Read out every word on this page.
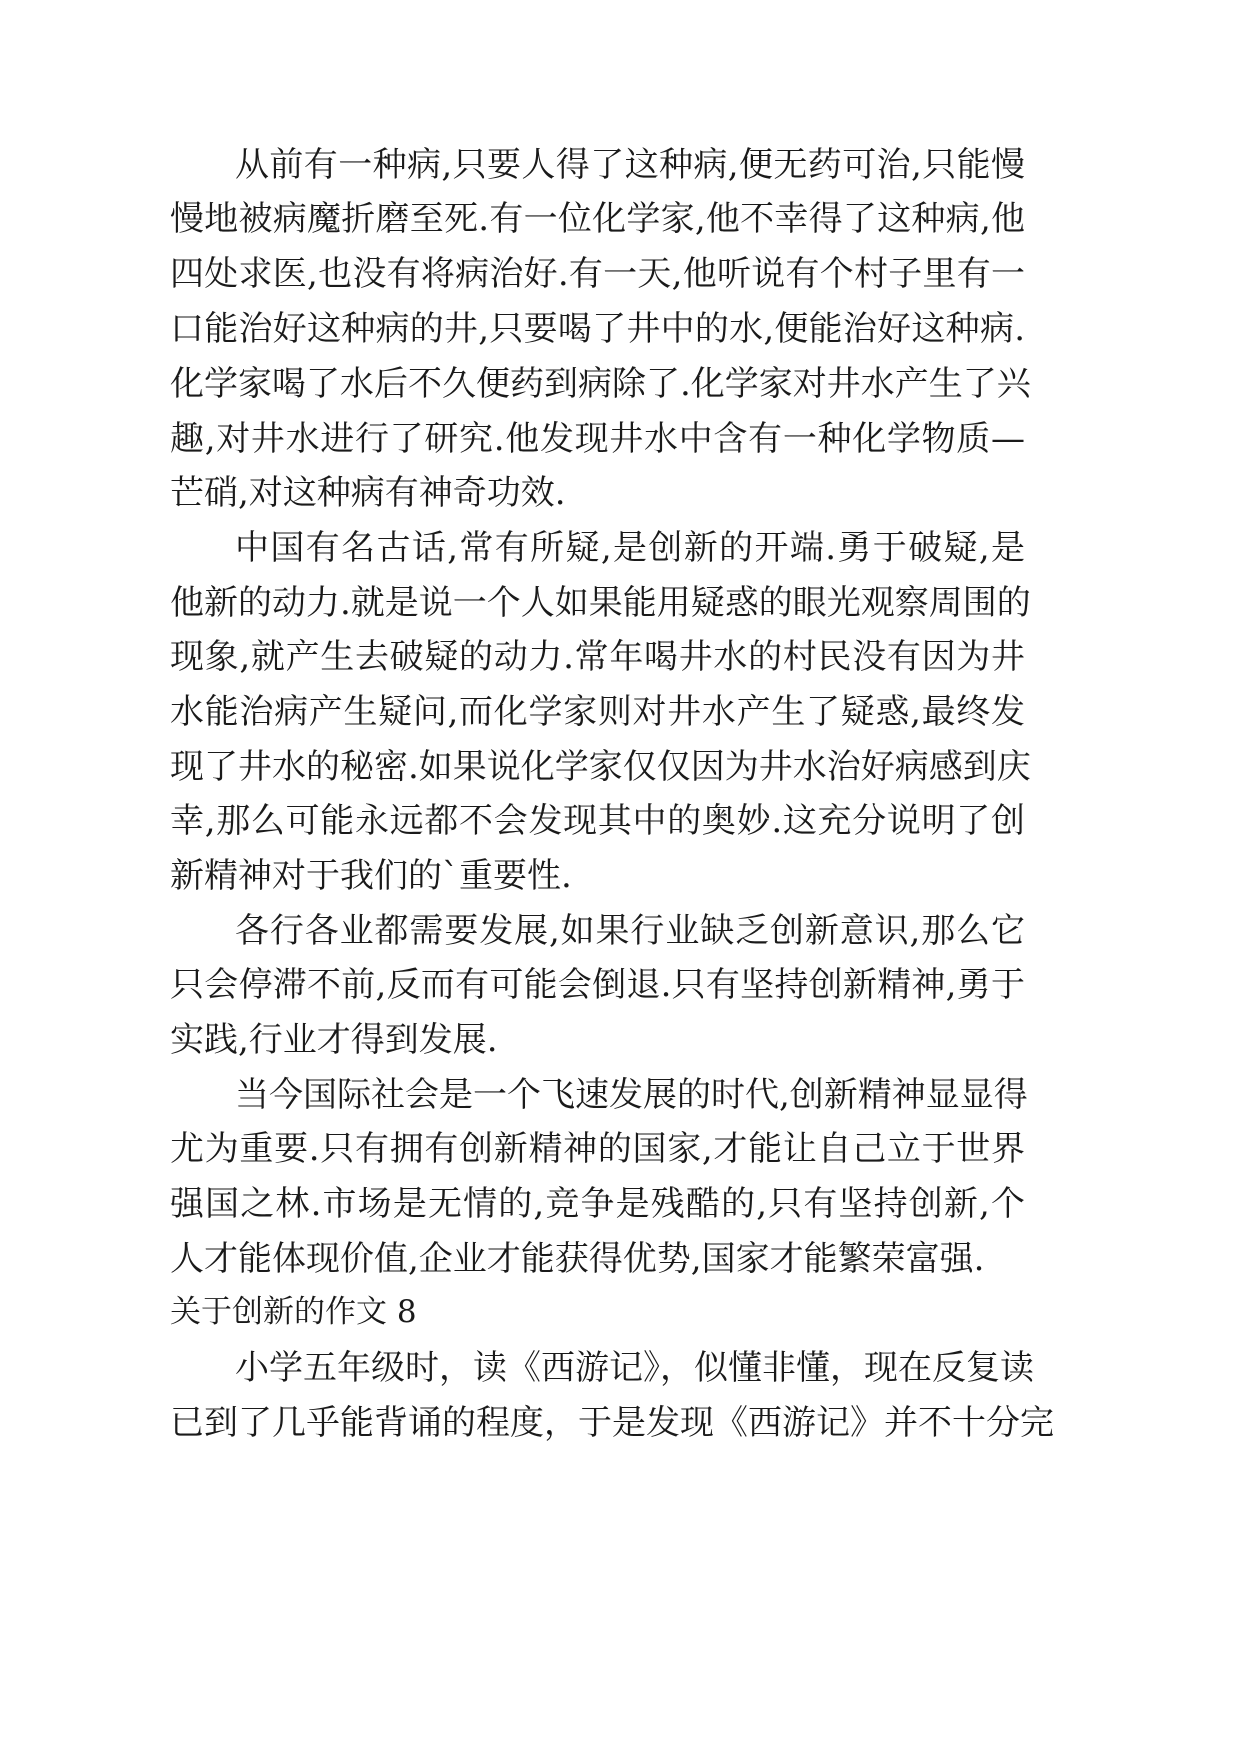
从前有一种病,只要人得了这种病,便无药可治,只能慢
慢地被病魔折磨至死.有一位化学家,他不幸得了这种病,他
四处求医,也没有将病治好.有一天,他听说有个村子里有一
口能治好这种病的井,只要喝了井中的水,便能治好这种病.
化学家喝了水后不久便药到病除了.化学家对井水产生了兴
趣,对井水进行了研究.他发现井水中含有一种化学物质—
芒硝,对这种病有神奇功效.
中国有名古话,常有所疑,是创新的开端.勇于破疑,是
他新的动力.就是说一个人如果能用疑惑的眼光观察周围的
现象,就产生去破疑的动力.常年喝井水的村民没有因为井
水能治病产生疑问,而化学家则对井水产生了疑惑,最终发
现了井水的秘密.如果说化学家仅仅因为井水治好病感到庆
幸,那么可能永远都不会发现其中的奥妙.这充分说明了创
新精神对于我们的`重要性.
各行各业都需要发展,如果行业缺乏创新意识,那么它
只会停滞不前,反而有可能会倒退.只有坚持创新精神,勇于
实践,行业才得到发展.
当今国际社会是一个飞速发展的时代,创新精神显显得
尤为重要.只有拥有创新精神的国家,才能让自己立于世界
强国之林.市场是无情的,竞争是残酷的,只有坚持创新,个
人才能体现价值,企业才能获得优势,国家才能繁荣富强.
关于创新的作文 8
小学五年级时，读《西游记》，似懂非懂，现在反复读
已到了几乎能背诵的程度，于是发现《西游记》并不十分完
